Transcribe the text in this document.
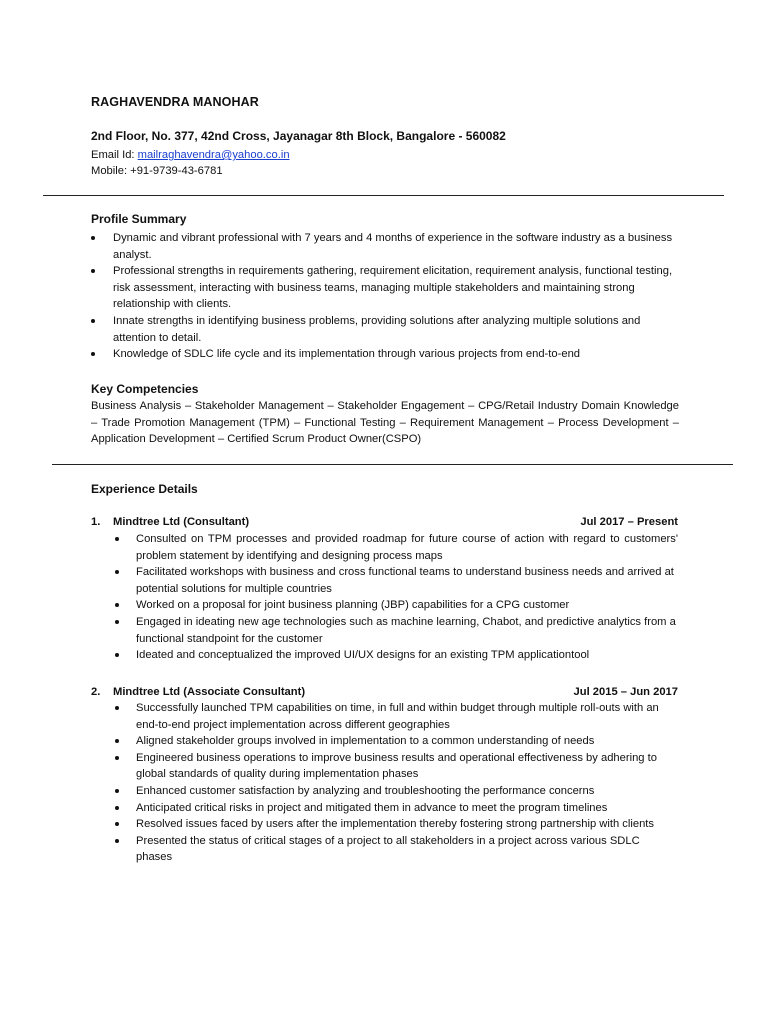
RAGHAVENDRA MANOHAR
2nd Floor, No. 377, 42nd Cross, Jayanagar 8th Block, Bangalore - 560082
Email Id: mailraghavendra@yahoo.co.in
Mobile: +91-9739-43-6781
Profile Summary
Dynamic and vibrant professional with 7 years and 4 months of experience in the software industry as a business analyst.
Professional strengths in requirements gathering, requirement elicitation, requirement analysis, functional testing, risk assessment, interacting with business teams, managing multiple stakeholders and maintaining strong relationship with clients.
Innate strengths in identifying business problems, providing solutions after analyzing multiple solutions and attention to detail.
Knowledge of SDLC life cycle and its implementation through various projects from end-to-end
Key Competencies
Business Analysis – Stakeholder Management – Stakeholder Engagement – CPG/Retail Industry Domain Knowledge – Trade Promotion Management (TPM) – Functional Testing – Requirement Management – Process Development – Application Development – Certified Scrum Product Owner(CSPO)
Experience Details
1. Mindtree Ltd (Consultant)	Jul 2017 – Present
Consulted on TPM processes and provided roadmap for future course of action with regard to customers' problem statement by identifying and designing process maps
Facilitated workshops with business and cross functional teams to understand business needs and arrived at potential solutions for multiple countries
Worked on a proposal for joint business planning (JBP) capabilities for a CPG customer
Engaged in ideating new age technologies such as machine learning, Chabot, and predictive analytics from a functional standpoint for the customer
Ideated and conceptualized the improved UI/UX designs for an existing TPM applicationtool
2. Mindtree Ltd (Associate Consultant)	Jul 2015 – Jun 2017
Successfully launched TPM capabilities on time, in full and within budget through multiple roll-outs with an end-to-end project implementation across different geographies
Aligned stakeholder groups involved in implementation to a common understanding of needs
Engineered business operations to improve business results and operational effectiveness by adhering to global standards of quality during implementation phases
Enhanced customer satisfaction by analyzing and troubleshooting the performance concerns
Anticipated critical risks in project and mitigated them in advance to meet the program timelines
Resolved issues faced by users after the implementation thereby fostering strong partnership with clients
Presented the status of critical stages of a project to all stakeholders in a project across various SDLC phases
